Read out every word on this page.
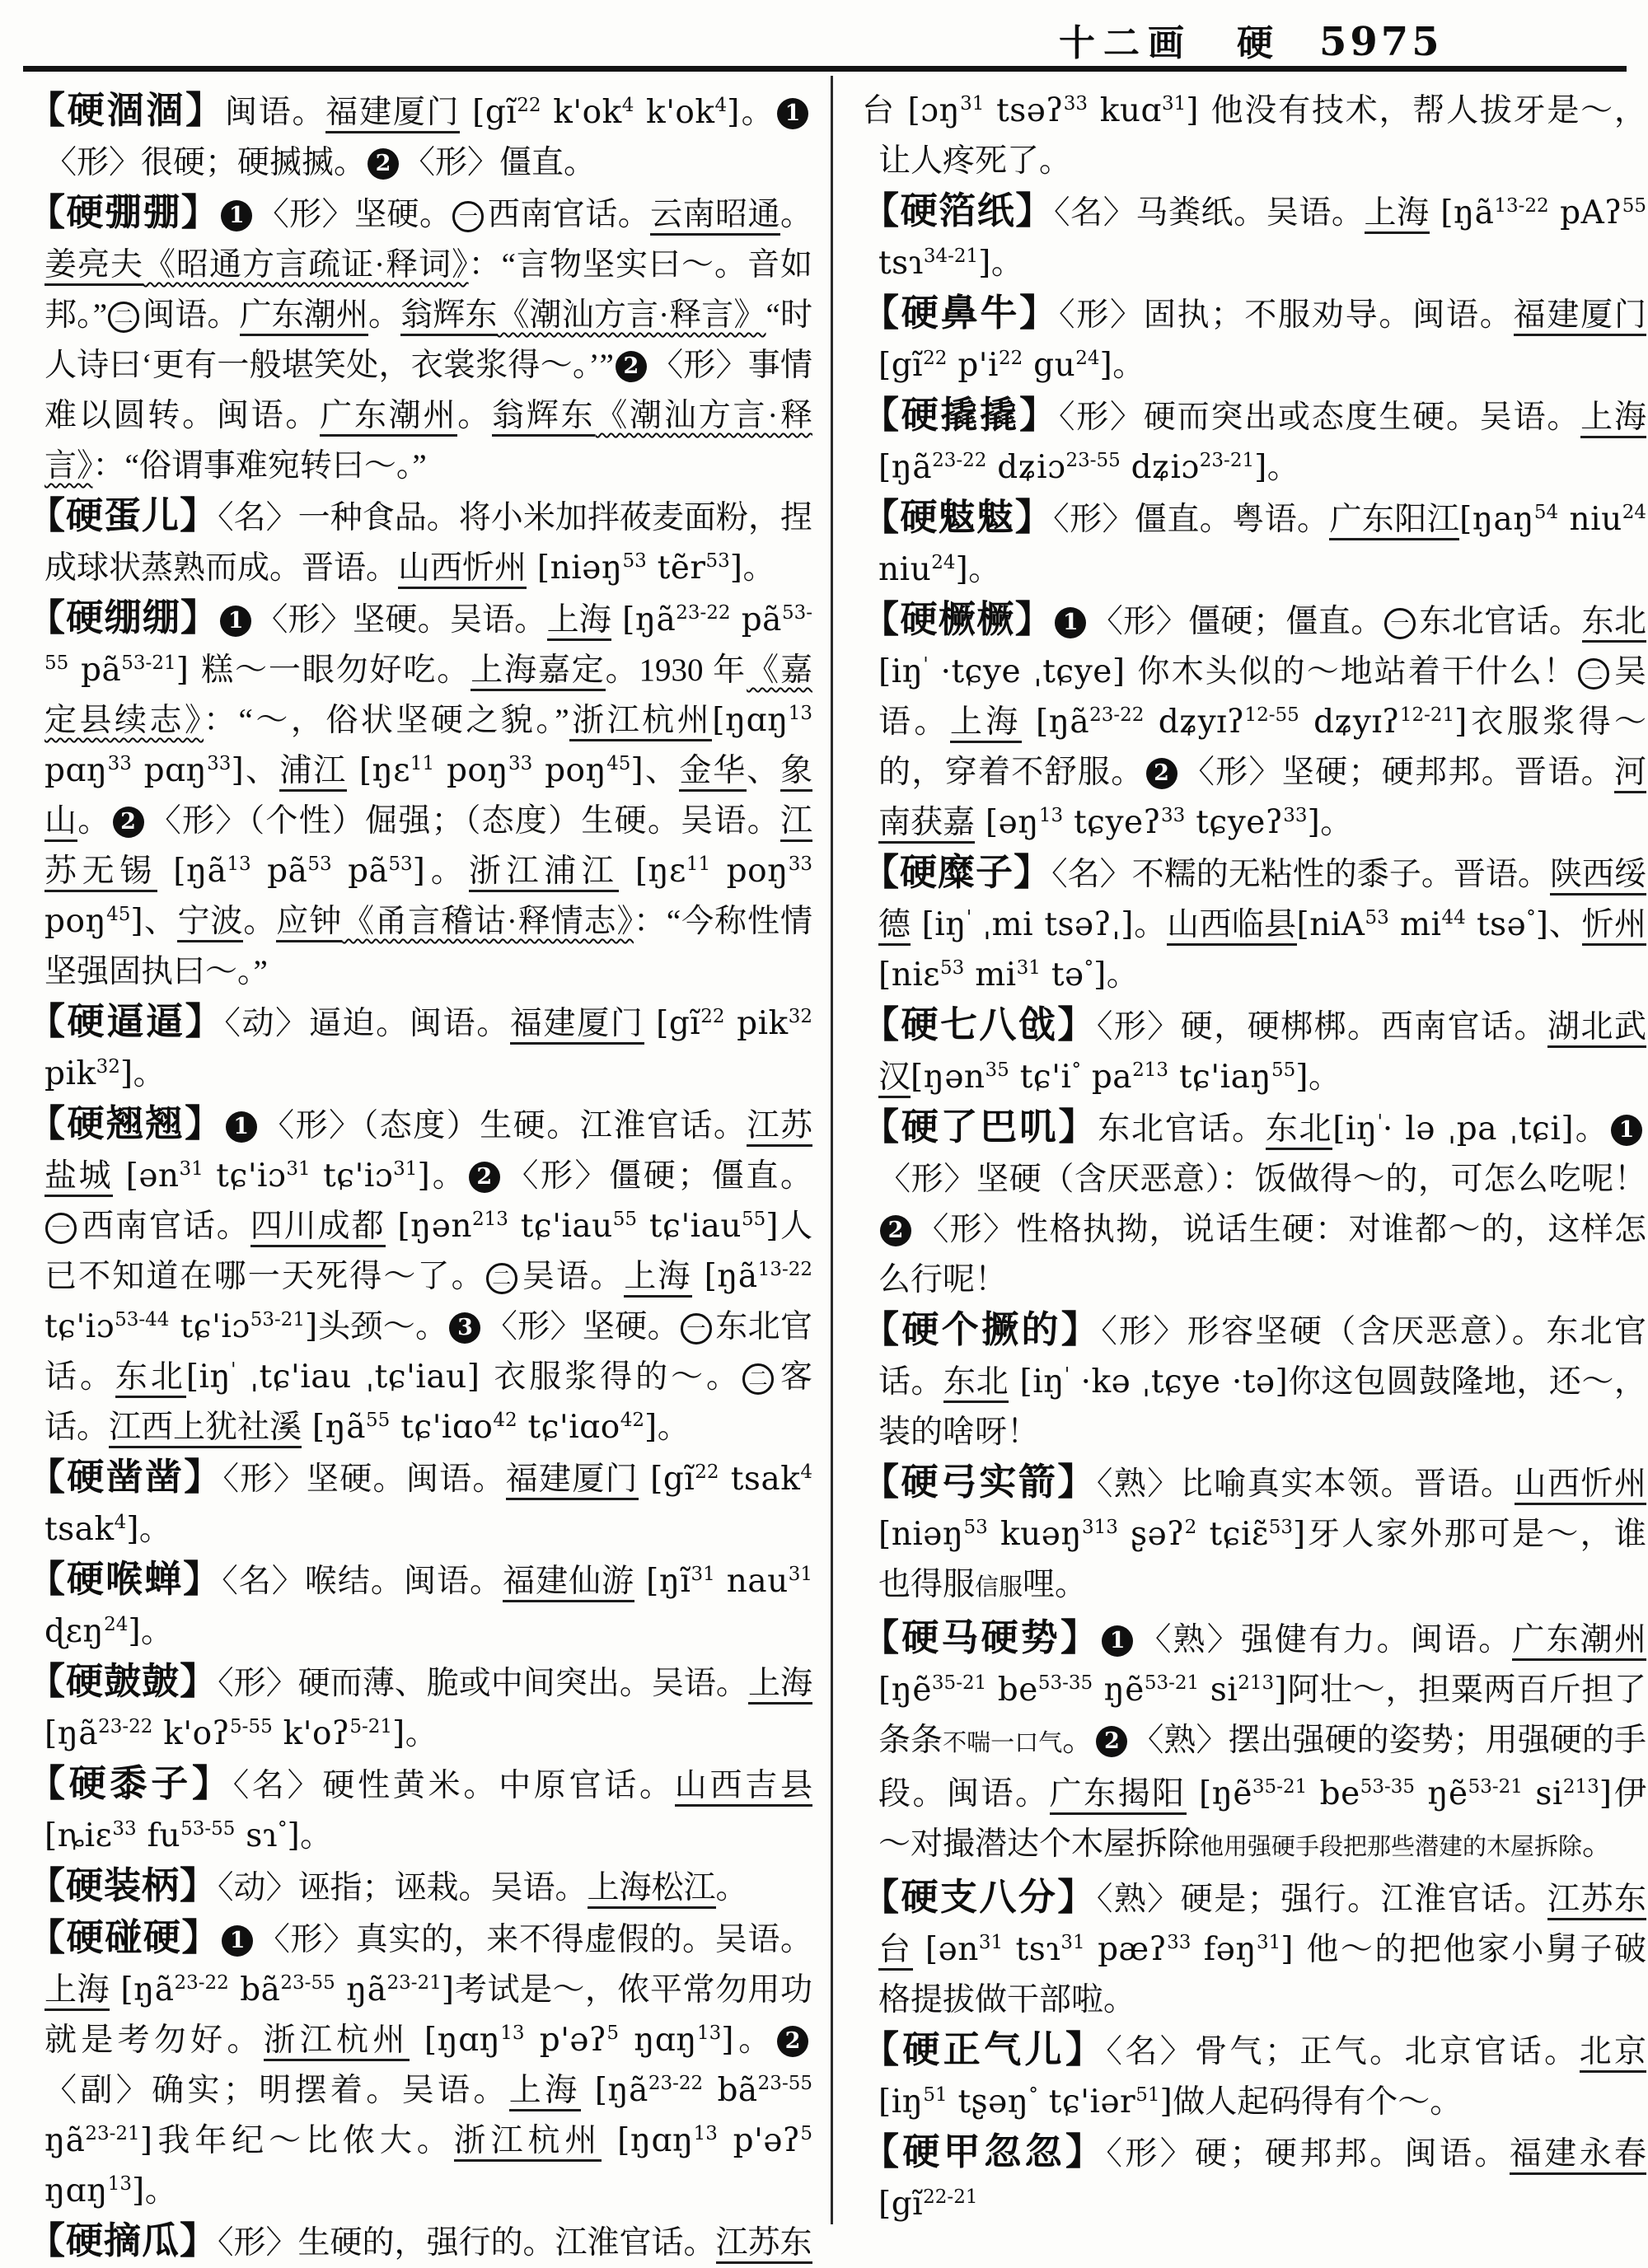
十二画  硬 5975

【硬涸涸】闽语。福建厦门 [$gĩ^{22}$ $k'ok^4$ $k'ok^4$]。 1〈形〉很硬；硬搣搣。 2 〈形〉僵直。

【硬弸弸】 1 〈形〉坚硬。 一 西南官话。云南昭通。姜亮夫《昭通方言疏证·释词》：“言物坚实曰～。音如邦。” 二 闽语。广东潮州。翁辉东《潮汕方言·释言》“时人诗曰‘更有一般堪笑处，衣裳浆得～。’” 2 〈形〉事情难以圆转。闽语。广东潮州。翁辉东《潮汕方言·释言》：“俗谓事难宛转曰～。”

【硬蛋儿】〈名〉一种食品。将小米加拌莜麦面粉，捏成球状蒸熟而成。晋语。山西忻州 [niəŋ$^{53}$ tẽr$^{53}$]。

【硬绷绷】 1 〈形〉坚硬。吴语。上海 [$ŋã^{23-22}$ $pã^{53-55}$ $pã^{53-21}$] 糕～一眼勿好吃。上海嘉定。1930 年《嘉定县续志》：“～，俗状坚硬之貌。”浙江杭州[ŋɑŋ$^{13}$ pɑŋ$^{33}$ pɑŋ$^{33}$]、浦江 [ŋɛ$^{11}$ poŋ$^{33}$ poŋ$^{45}$]、金华、象山。 2 〈形〉（个性）倔强；（态度）生硬。吴语。江苏无锡 [$ŋã^{13}$ $pã^{53}$ $pã^{53}$]。浙江浦江 [ŋɛ$^{11}$ poŋ$^{33}$ poŋ$^{45}$]、宁波。应钟《甬言稽诂·释情志》：“今称性情坚强固执曰～。”

【硬逼逼】〈动〉逼迫。闽语。福建厦门 [$gĩ^{22}$ pik$^{32}$ pik$^{32}$]。

【硬翘翘】 1 〈形〉（态度）生硬。江淮官话。江苏盐城 [ən$^{31}$ tɕ'iɔ$^{31}$ tɕ'iɔ$^{31}$]。 2 〈形〉僵硬；僵直。一 西南官话。四川成都 [ŋən$^{213}$ tɕ'iau$^{55}$ tɕ'iau$^{55}$]人已不知道在哪一天死得～了。 二 吴语。上海 [$ŋã^{13-22}$ tɕ'iɔ$^{53-44}$ tɕ'iɔ$^{53-21}$]头颈～。 3 〈形〉坚硬。 一 东北官话。东北[iŋ' ˌtɕ'iau ˌtɕ'iau] 衣服浆得的～。 二 客话。江西上犹社溪 [$ŋã^{55}$ tɕ'iɑo$^{42}$ tɕ'iɑo$^{42}$]。

【硬凿凿】〈形〉坚硬。闽语。福建厦门 [$gĩ^{22}$ tsak$^4$ tsak$^4$]。

【硬喉蝉】〈名〉喉结。闽语。福建仙游 [$ŋĩ^{31}$ nau$^{31}$ ɖɛŋ$^{24}$]。

【硬皷皷】〈形〉硬而薄、脆或中间突出。吴语。上海[$ŋã^{23-22}$ k'oʔ$^{5-55}$ k'oʔ$^{5-21}$]。

【硬黍子】〈名〉硬性黄米。中原官话。山西吉县[ȵiɛ$^{33}$ $fu^{53-55}$ sɿ°]。

【硬装柄】〈动〉诬指；诬栽。吴语。上海松江。

【硬碰硬】 1 〈形〉真实的，来不得虚假的。吴语。上海 [$ŋã^{23-22}$ $bã^{23-55}$ $ŋã^{23-21}$]考试是～，侬平常勿用功就是考勿好。浙江杭州 [ŋɑŋ$^{13}$ p'əʔ$^5$ ŋɑŋ$^{13}$]。 2〈副〉确实；明摆着。吴语。上海 [$ŋã^{23-22}$ $bã^{23-55}$ $ŋã^{23-21}$]我年纪～比侬大。浙江杭州 [ŋɑŋ$^{13}$ p'əʔ$^5$ ŋɑŋ$^{13}$]。

【硬摘瓜】〈形〉生硬的，强行的。江淮官话。江苏东

台 [ɔŋ$^{31}$ tsəʔ$^{33}$ kuɑ$^{31}$] 他没有技术，帮人拔牙是～，让人疼死了。

【硬箔纸】〈名〉马粪纸。吴语。上海 [$ŋã^{13-22}$ pAʔ$^{55}$ tsɿ$^{34-21}$]。

【硬鼻牛】〈形〉固执；不服劝导。闽语。福建厦门[$gĩ^{22}$ $p'i^{22}$ $gu^{24}$]。

【硬撬撬】〈形〉硬而突出或态度生硬。吴语。上海[$ŋã^{23-22}$ dʑiɔ$^{23-55}$ dʑiɔ$^{23-21}$]。

【硬鬾鬾】〈形〉僵直。粤语。广东阳江[ŋaŋ$^{54}$ niu$^{24}$ niu$^{24}$]。

【硬橛橛】 1 〈形〉僵硬；僵直。 一 东北官话。东北[iŋ' ·tɕye ˌtɕye] 你木头似的～地站着干什么！ 二 吴语。上海 [$ŋã^{23-22}$ dʑyɪʔ$^{12-55}$ dʑyɪʔ$^{12-21}$]衣服浆得～的，穿着不舒服。 2 〈形〉坚硬；硬邦邦。晋语。河南获嘉 [əŋ$^{13}$ tɕyeʔ$^{33}$ tɕyeʔ$^{33}$]。

【硬糜子】〈名〉不糯的无粘性的黍子。晋语。陕西绥德 [iŋ' ˌmi tsəʔˌ]。山西临县[niA$^{53}$ $mi^{44}$ tsə°]、忻州 [niɛ$^{53}$ $mi^{31}$ tə°]。

【硬七八戗】〈形〉硬，硬梆梆。西南官话。湖北武汉[ŋən$^{35}$ tɕ'i° $pa^{213}$ tɕ'iaŋ$^{55}$]。

【硬了巴叽】东北官话。东北[iŋ'· lə ˌpa ˌtɕi]。 1〈形〉坚硬（含厌恶意）：饭做得～的，可怎么吃呢！2 〈形〉性格执拗，说话生硬：对谁都～的，这样怎么行呢！

【硬个撅的】〈形〉形容坚硬（含厌恶意）。东北官话。东北 [iŋ' ·kə ˌtɕye ·tə]你这包圆鼓隆地，还～，装的啥呀！

【硬弓实箭】〈熟〉比喻真实本领。晋语。山西忻州[niəŋ$^{53}$ kuəŋ$^{313}$ ʂəʔ$^2$ tɕiɛ̃$^{53}$]牙人家外那可是～，谁也得服信服哩。

【硬马硬势】 1 〈熟〉强健有力。闽语。广东潮州[ŋẽ$^{35-21}$ $be^{53-35}$ ŋẽ$^{53-21}$ $si^{213}$]阿壮～，担粟两百斤担了条条不喘一口气。 2 〈熟〉摆出强硬的姿势；用强硬的手段。闽语。广东揭阳 [ŋẽ$^{35-21}$ $be^{53-35}$ ŋẽ$^{53-21}$ $si^{213}$]伊～对撮潜达个木屋拆除他用强硬手段把那些潜建的木屋拆除。

【硬支八分】〈熟〉硬是；强行。江淮官话。江苏东台 [ən$^{31}$ tsɿ$^{31}$ pæʔ$^{33}$ fəŋ$^{31}$] 他～的把他家小舅子破格提拔做干部啦。

【硬正气儿】〈名〉骨气；正气。北京官话。北京[$iŋ^{51}$ tʂəŋ° tɕ'iər$^{51}$]做人起码得有个～。

【硬甲忽忽】〈形〉硬；硬邦邦。闽语。福建永春[$gĩ^{22-21}$
